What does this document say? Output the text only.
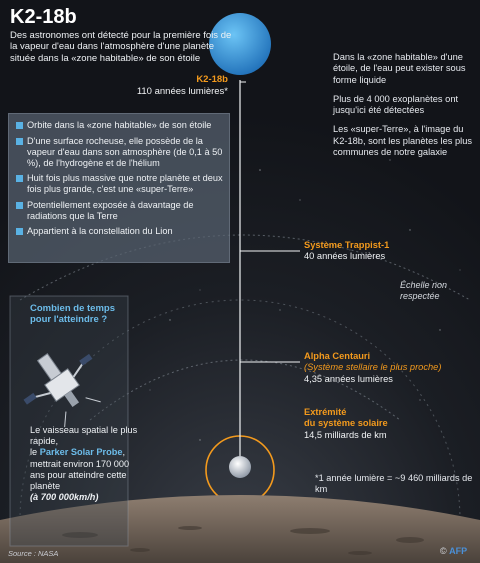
K2-18b
Des astronomes ont détecté pour la première fois de la vapeur d'eau dans l'atmosphère d'une planète située dans la «zone habitable» de son étoile
K2-18b
110 années lumières*

Dans la «zone habitable» d'une étoile, de l'eau peut exister sous forme liquide

Plus de 4 000 exoplanètes ont jusqu'ici été détectées

Les «super-Terre», à l'image du K2-18b, sont les planètes les plus communes de notre galaxie

Orbite dans la «zone habitable» de son étoile
D'une surface rocheuse, elle possède de la vapeur d'eau dans son atmosphère (de 0,1 à 50 %), de l'hydrogène et de l'hélium
Huit fois plus massive que notre planète et deux fois plus grande, c'est une «super-Terre»
Potentiellement exposée à davantage de radiations que la Terre
Appartient à la constellation du Lion
Système Trappist-1
40 années lumières
Échelle non respectée
Alpha Centauri
(Système stellaire le plus proche)
4,35 années lumières
Extrémité
du système solaire
14,5 milliards de km
Combien de temps pour l'atteindre ?
Le vaisseau spatial le plus rapide,
le Parker Solar Probe,
mettrait environ 170 000 ans pour atteindre cette planète
(à 700 000km/h)
*1 année lumière = ~9 460 milliards de km
Source : NASA	© AFP
